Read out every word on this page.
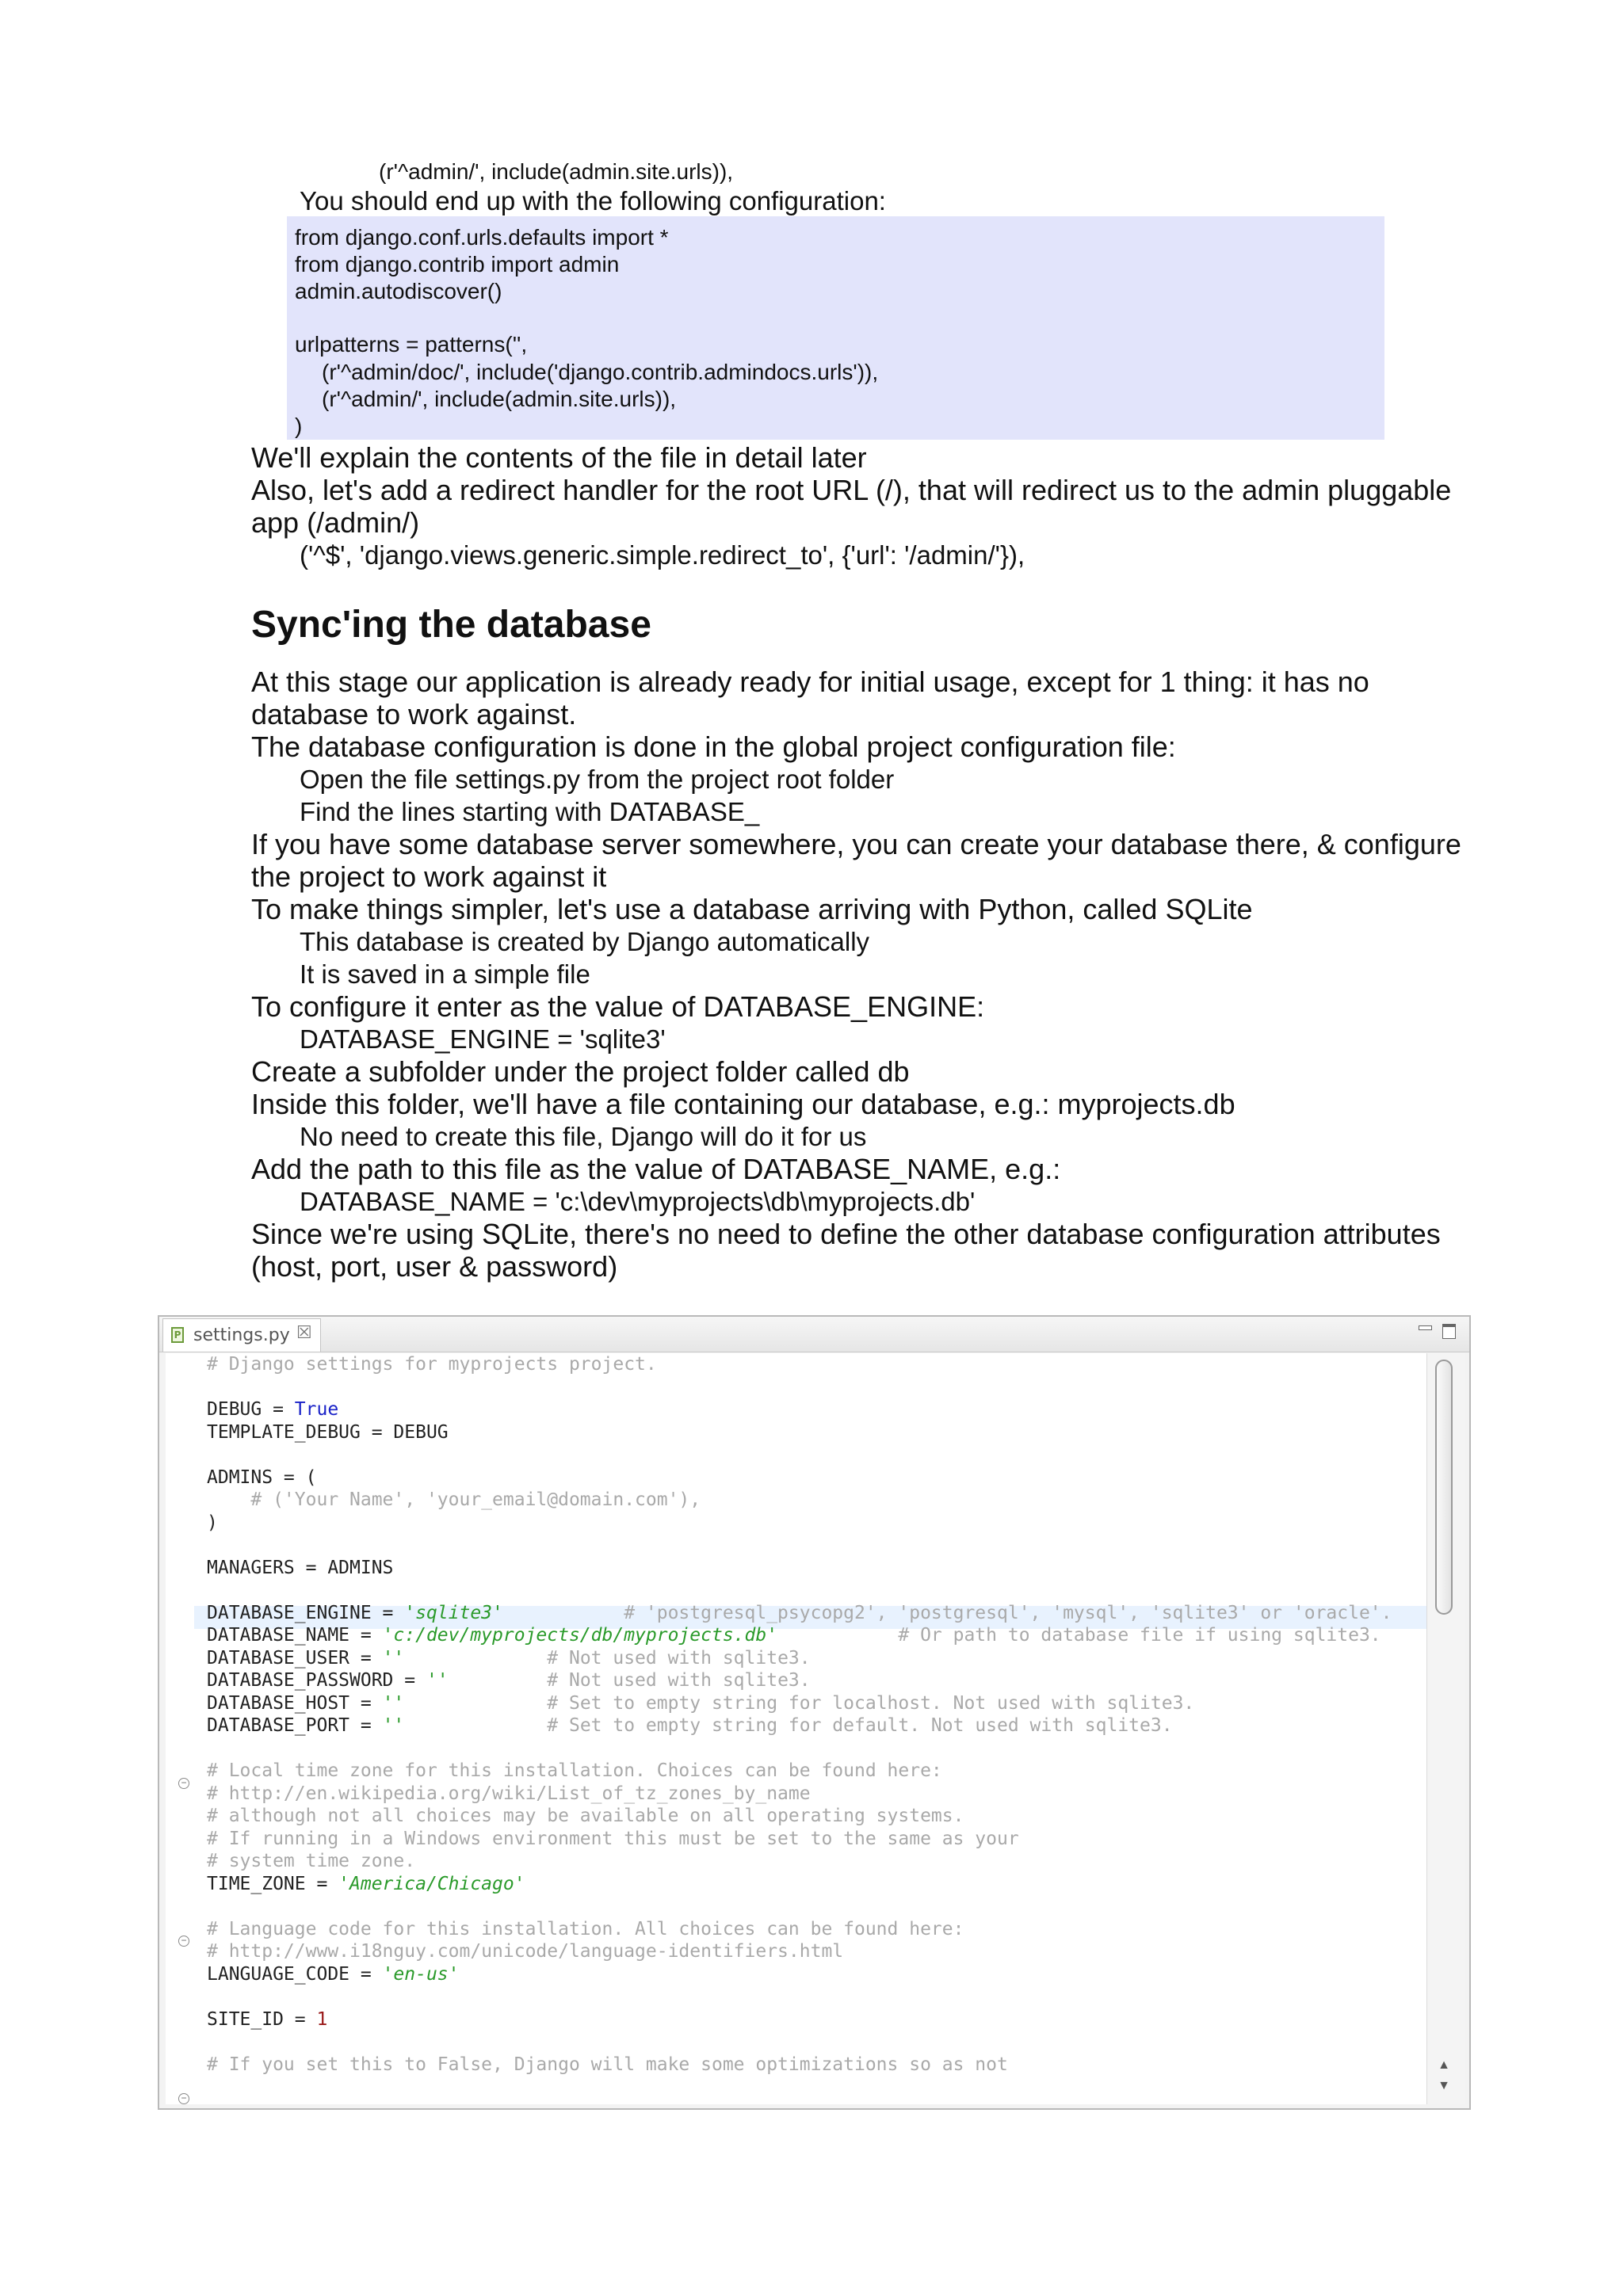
(r'^admin/', include(admin.site.urls)),

You should end up with the following configuration:

from django.conf.urls.defaults import *

from django.contrib import admin

admin.autodiscover()

urlpatterns = patterns('',

(r'^admin/doc/', include('django.contrib.admindocs.urls')),

(r'^admin/', include(admin.site.urls)),

)

We'll explain the contents of the file in detail later

Also, let's add a redirect handler for the root URL (/), that will redirect us to the admin pluggable

app (/admin/)

('^$', 'django.views.generic.simple.redirect_to', {'url': '/admin/'}),

Sync'ing the database

At this stage our application is already ready for initial usage, except for 1 thing: it has no

database to work against.

The database configuration is done in the global project configuration file:

Open the file settings.py from the project root folder

Find the lines starting with DATABASE_

If you have some database server somewhere, you can create your database there, & configure

the project to work against it

To make things simpler, let's use a database arriving with Python, called SQLite

This database is created by Django automatically

It is saved in a simple file

To configure it enter as the value of DATABASE_ENGINE:

DATABASE_ENGINE = 'sqlite3'

Create a subfolder under the project folder called db

Inside this folder, we'll have a file containing our database, e.g.: myprojects.db

No need to create this file, Django will do it for us

Add the path to this file as the value of DATABASE_NAME, e.g.:

DATABASE_NAME = 'c:\dev\myprojects\db\myprojects.db'

Since we're using SQLite, there's no need to define the other database configuration attributes

(host, port, user & password)

P settings.py ☒
−
−
−

# Django settings for myprojects project.

DEBUG = True

TEMPLATE_DEBUG = DEBUG

ADMINS = (

# ('Your Name', 'your_email@domain.com'),

)

MANAGERS = ADMINS

DATABASE_ENGINE = 'sqlite3'           # 'postgresql_psycopg2', 'postgresql', 'mysql', 'sqlite3' or 'oracle'.

DATABASE_NAME = 'c:/dev/myprojects/db/myprojects.db'           # Or path to database file if using sqlite3.

DATABASE_USER = ''             # Not used with sqlite3.

DATABASE_PASSWORD = ''         # Not used with sqlite3.

DATABASE_HOST = ''             # Set to empty string for localhost. Not used with sqlite3.

DATABASE_PORT = ''             # Set to empty string for default. Not used with sqlite3.

# Local time zone for this installation. Choices can be found here:

# http://en.wikipedia.org/wiki/List_of_tz_zones_by_name

# although not all choices may be available on all operating systems.

# If running in a Windows environment this must be set to the same as your

# system time zone.

TIME_ZONE = 'America/Chicago'

# Language code for this installation. All choices can be found here:

# http://www.i18nguy.com/unicode/language-identifiers.html

LANGUAGE_CODE = 'en-us'

SITE_ID = 1

# If you set this to False, Django will make some optimizations so as not	▲
▼
